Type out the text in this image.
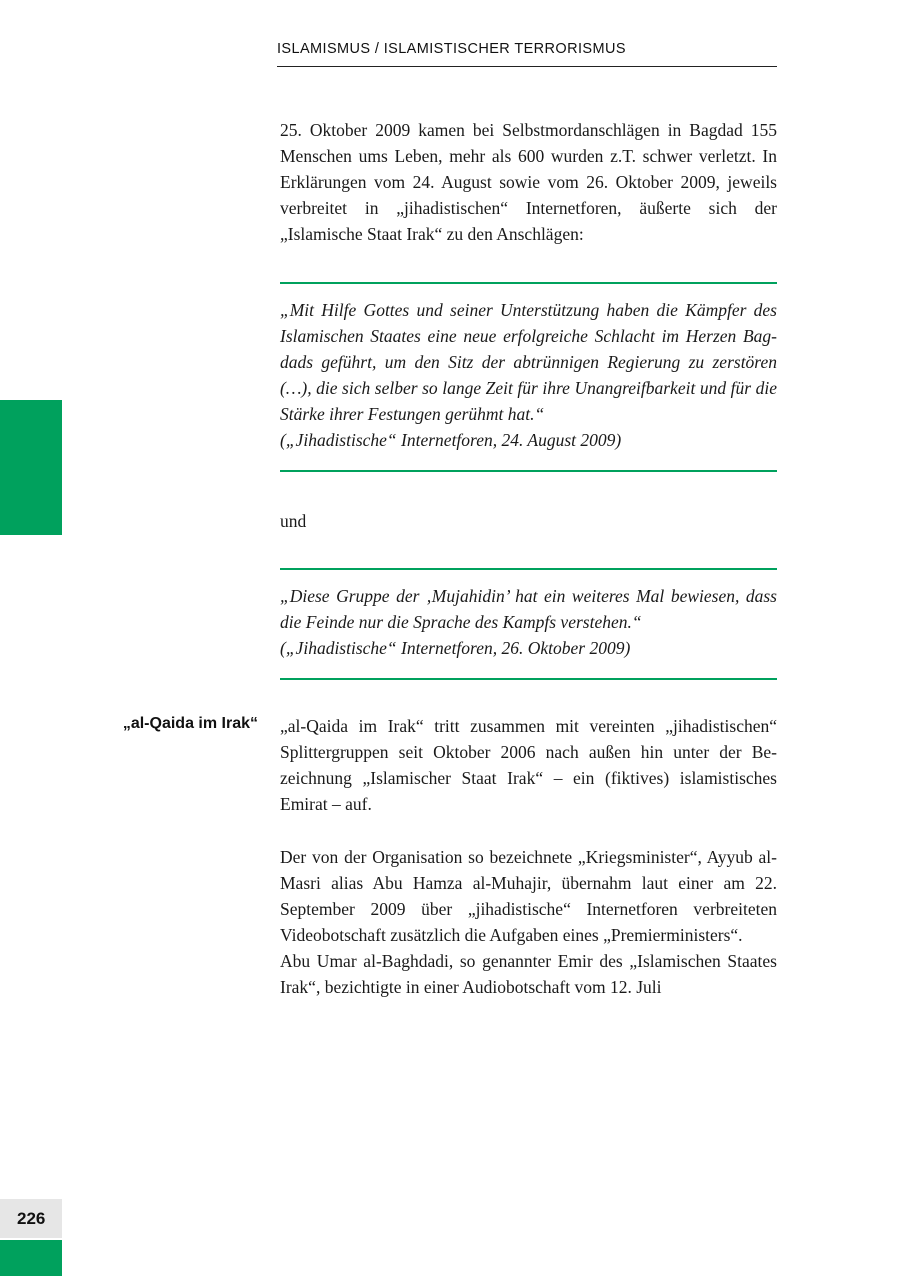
ISLAMISMUS / ISLAMISTISCHER TERRORISMUS
„al-Qaida im Irak“

25. Oktober 2009 kamen bei Selbstmordanschlägen in Bagdad 155 Menschen ums Leben, mehr als 600 wurden z.T. schwer verletzt. In Erklärungen vom 24. August sowie vom 26. Oktober 2009, jeweils verbreitet in „jihadistischen“ Internetforen, äußerte sich der „Islamische Staat Irak“ zu den Anschlägen:

„Mit Hilfe Gottes und seiner Unterstützung haben die Kämpfer des Islamischen Staates eine neue erfolgreiche Schlacht im Herzen Bagdads geführt, um den Sitz der abtrünnigen Regierung zu zerstören (…), die sich selber so lange Zeit für ihre Unangreifbarkeit und für die Stärke ihrer Festungen gerühmt hat.“

(„Jihadistische“ Internetforen, 24. August 2009)

und

„Diese Gruppe der ‚Mujahidin’ hat ein weiteres Mal bewiesen, dass die Feinde nur die Sprache des Kampfs verstehen.“

(„Jihadistische“ Internetforen, 26. Oktober 2009)

„al-Qaida im Irak“ tritt zusammen mit vereinten „jihadistischen“ Splittergruppen seit Oktober 2006 nach außen hin unter der Bezeichnung „Islamischer Staat Irak“ – ein (fiktives) islamistisches Emirat – auf.

Der von der Organisation so bezeichnete „Kriegsminister“, Ayyub al-Masri alias Abu Hamza al-Muhajir, übernahm laut einer am 22. September 2009 über „jihadistische“ Internetforen verbreiteten Videobotschaft zusätzlich die Aufgaben eines „Premierministers“.

Abu Umar al-Baghdadi, so genannter Emir des „Islamischen Staates Irak“, bezichtigte in einer Audiobotschaft vom 12. Juli

226
